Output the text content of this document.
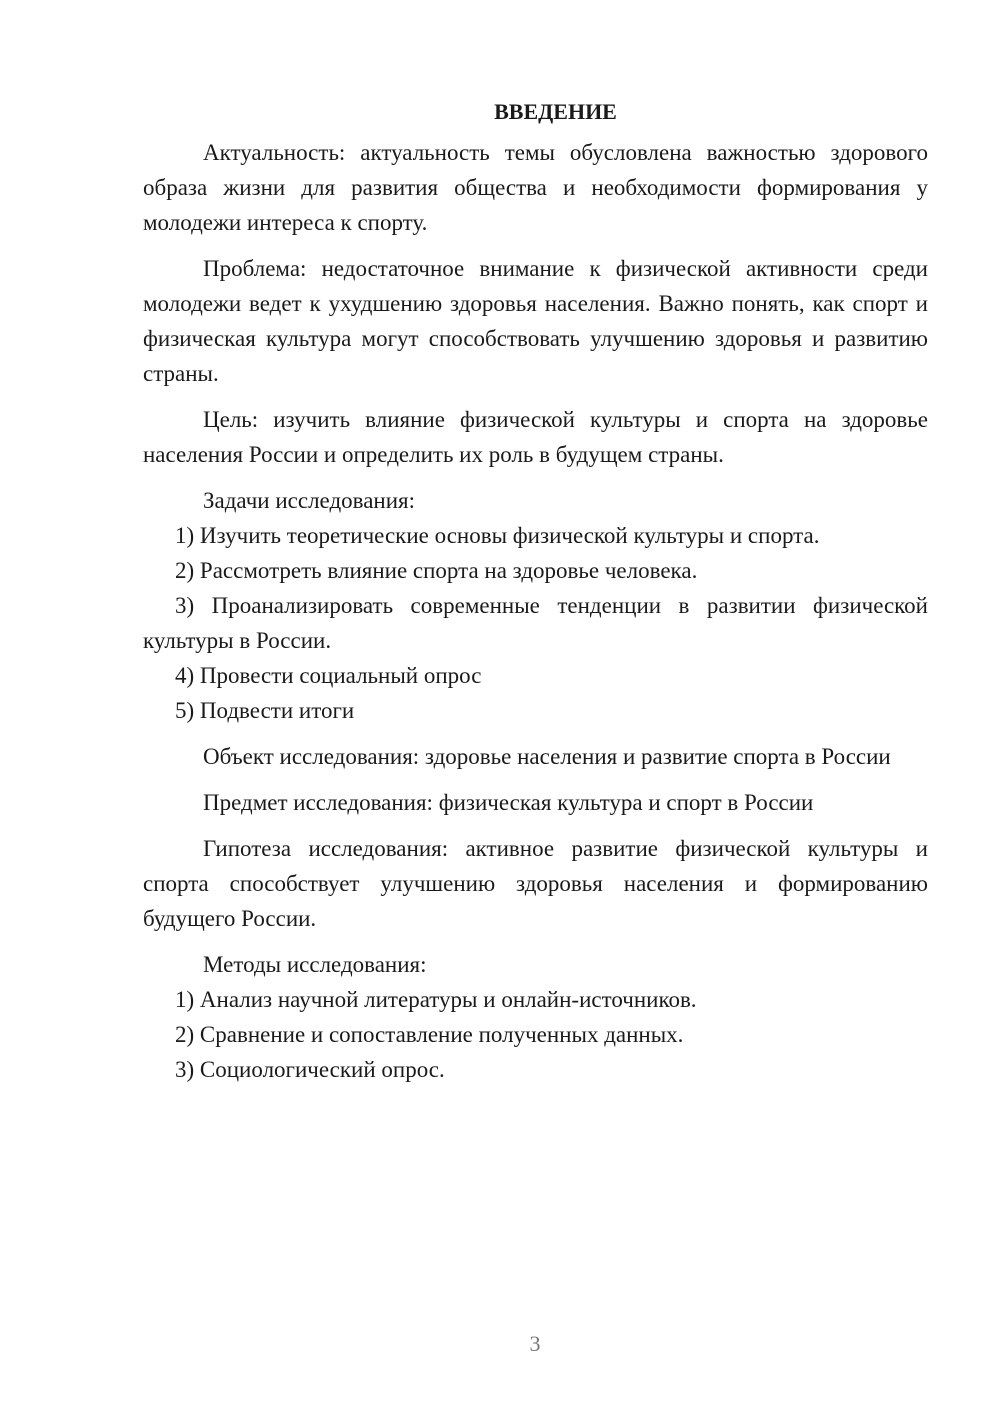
ВВЕДЕНИЕ

Актуальность: актуальность темы обусловлена важностью здорового образа жизни для развития общества и необходимости формирования у молодежи интереса к спорту.

Проблема: недостаточное внимание к физической активности среди молодежи ведет к ухудшению здоровья населения. Важно понять, как спорт и физическая культура могут способствовать улучшению здоровья и развитию страны.

Цель: изучить влияние физической культуры и спорта на здоровье населения России и определить их роль в будущем страны.

Задачи исследования:

1) Изучить теоретические основы физической культуры и спорта.

2) Рассмотреть влияние спорта на здоровье человека.

3) Проанализировать современные тенденции в развитии физической культуры в России.

4) Провести социальный опрос

5) Подвести итоги

Объект исследования: здоровье населения и развитие спорта в России

Предмет исследования: физическая культура и спорт в России

Гипотеза исследования: активное развитие физической культуры и спорта способствует улучшению здоровья населения и формированию будущего России.

Методы исследования:

1) Анализ научной литературы и онлайн-источников.

2) Сравнение и сопоставление полученных данных.

3) Социологический опрос.

3
